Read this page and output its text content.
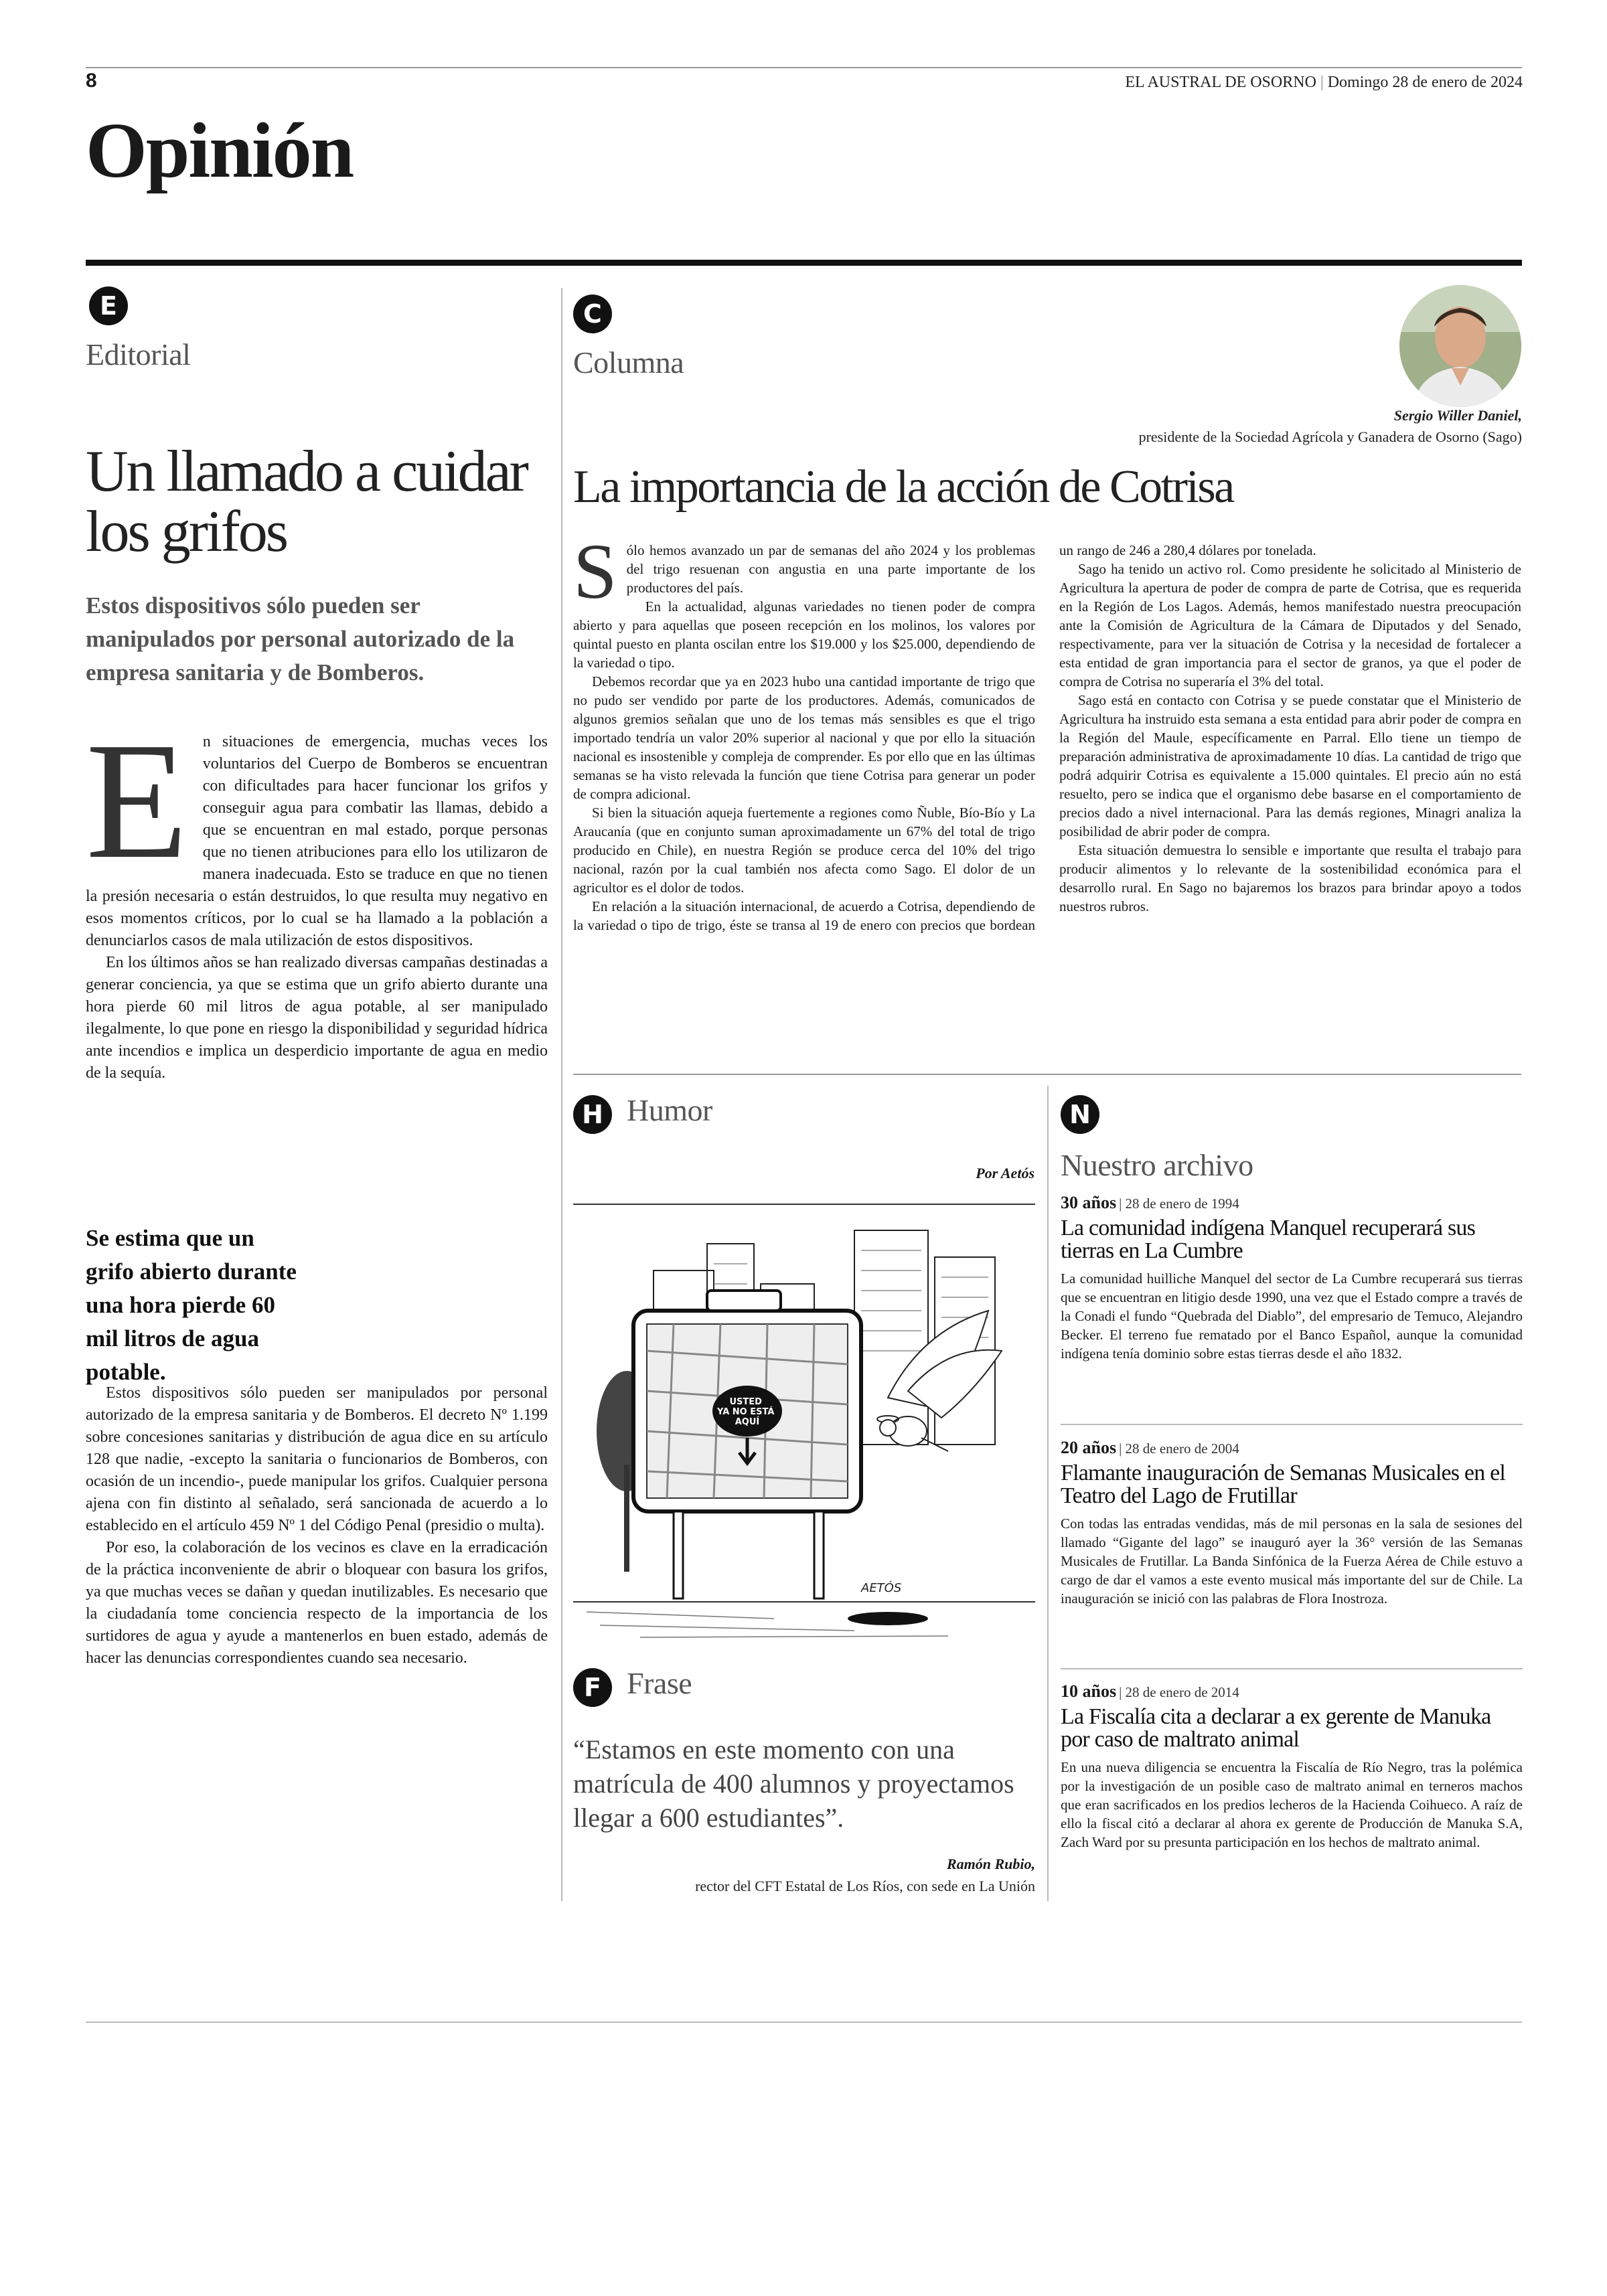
8	EL AUSTRAL DE OSORNO | Domingo 28 de enero de 2024
Opinión
E
Editorial
Un llamado a cuidar los grifos
Estos dispositivos sólo pueden ser manipulados por personal autorizado de la empresa sanitaria y de Bomberos.
E n situaciones de emergencia, muchas veces los voluntarios del Cuerpo de Bomberos se encuentran con dificultades para hacer funcionar los grifos y conseguir agua para combatir las llamas, debido a que se encuentran en mal estado, porque personas que no tienen atribuciones para ello los utilizaron de manera inadecuada. Esto se traduce en que no tienen la presión necesaria o están destruidos, lo que resulta muy negativo en esos momentos críticos, por lo cual se ha llamado a la población a denunciarlos casos de mala utilización de estos dispositivos.

En los últimos años se han realizado diversas campañas destinadas a generar conciencia, ya que se estima que un grifo abierto durante una hora pierde 60 mil litros de agua potable, al ser manipulado ilegalmente, lo que pone en riesgo la disponibilidad y seguridad hídrica ante incendios e implica un desperdicio importante de agua en medio de la sequía.

Se estima que un grifo abierto durante una hora pierde 60 mil litros de agua potable.

Estos dispositivos sólo pueden ser manipulados por personal autorizado de la empresa sanitaria y de Bomberos. El decreto Nº 1.199 sobre concesiones sanitarias y distribución de agua dice en su artículo 128 que nadie, -excepto la sanitaria o funcionarios de Bomberos, con ocasión de un incendio-, puede manipular los grifos. Cualquier persona ajena con fin distinto al señalado, será sancionada de acuerdo a lo establecido en el artículo 459 Nº 1 del Código Penal (presidio o multa).

Por eso, la colaboración de los vecinos es clave en la erradicación de la práctica inconveniente de abrir o bloquear con basura los grifos, ya que muchas veces se dañan y quedan inutilizables. Es necesario que la ciudadanía tome conciencia respecto de la importancia de los surtidores de agua y ayude a mantenerlos en buen estado, además de hacer las denuncias correspondientes cuando sea necesario.

C
Columna
Sergio Willer Daniel,
presidente de la Sociedad Agrícola y Ganadera de Osorno (Sago)
La importancia de la acción de Cotrisa
S ólo hemos avanzado un par de semanas del año 2024 y los problemas del trigo resuenan con angustia en una parte importante de los productores del país.

En la actualidad, algunas variedades no tienen poder de compra abierto y para aquellas que poseen recepción en los molinos, los valores por quintal puesto en planta oscilan entre los $19.000 y los $25.000, dependiendo de la variedad o tipo.

Debemos recordar que ya en 2023 hubo una cantidad importante de trigo que no pudo ser vendido por parte de los productores. Además, comunicados de algunos gremios señalan que uno de los temas más sensibles es que el trigo importado tendría un valor 20% superior al nacional y que por ello la situación nacional es insostenible y compleja de comprender. Es por ello que en las últimas semanas se ha visto relevada la función que tiene Cotrisa para generar un poder de compra adicional.

Si bien la situación aqueja fuertemente a regiones como Ñuble, Bío-Bío y La Araucanía (que en conjunto suman aproximadamente un 67% del total de trigo producido en Chile), en nuestra Región se produce cerca del 10% del trigo nacional, razón por la cual también nos afecta como Sago. El dolor de un agricultor es el dolor de todos.

En relación a la situación internacional, de acuerdo a Cotrisa, dependiendo de la variedad o tipo de trigo, éste se transa al 19 de enero con precios que bordean un rango de 246 a 280,4 dólares por tonelada.

Sago ha tenido un activo rol. Como presidente he solicitado al Ministerio de Agricultura la apertura de poder de compra de parte de Cotrisa, que es requerida en la Región de Los Lagos. Además, hemos manifestado nuestra preocupación ante la Comisión de Agricultura de la Cámara de Diputados y del Senado, respectivamente, para ver la situación de Cotrisa y la necesidad de fortalecer a esta entidad de gran importancia para el sector de granos, ya que el poder de compra de Cotrisa no superaría el 3% del total.

Sago está en contacto con Cotrisa y se puede constatar que el Ministerio de Agricultura ha instruido esta semana a esta entidad para abrir poder de compra en la Región del Maule, específicamente en Parral. Ello tiene un tiempo de preparación administrativa de aproximadamente 10 días. La cantidad de trigo que podrá adquirir Cotrisa es equivalente a 15.000 quintales. El precio aún no está resuelto, pero se indica que el organismo debe basarse en el comportamiento de precios dado a nivel internacional. Para las demás regiones, Minagri analiza la posibilidad de abrir poder de compra.

Esta situación demuestra lo sensible e importante que resulta el trabajo para producir alimentos y lo relevante de la sostenibilidad económica para el desarrollo rural. En Sago no bajaremos los brazos para brindar apoyo a todos nuestros rubros.

H Humor
Por Aetós
USTED YA NO ESTÁ AQUÍ
AETÓS
F Frase
“Estamos en este momento con una matrícula de 400 alumnos y proyectamos llegar a 600 estudiantes”.
Ramón Rubio,
rector del CFT Estatal de Los Ríos, con sede en La Unión
N
Nuestro archivo
30 años | 28 de enero de 1994
La comunidad indígena Manquel recuperará sus tierras en La Cumbre
La comunidad huilliche Manquel del sector de La Cumbre recuperará sus tierras que se encuentran en litigio desde 1990, una vez que el Estado compre a través de la Conadi el fundo “Quebrada del Diablo”, del empresario de Temuco, Alejandro Becker. El terreno fue rematado por el Banco Español, aunque la comunidad indígena tenía dominio sobre estas tierras desde el año 1832.
20 años | 28 de enero de 2004
Flamante inauguración de Semanas Musicales en el Teatro del Lago de Frutillar
Con todas las entradas vendidas, más de mil personas en la sala de sesiones del llamado “Gigante del lago” se inauguró ayer la 36° versión de las Semanas Musicales de Frutillar. La Banda Sinfónica de la Fuerza Aérea de Chile estuvo a cargo de dar el vamos a este evento musical más importante del sur de Chile. La inauguración se inició con las palabras de Flora Inostroza.
10 años | 28 de enero de 2014
La Fiscalía cita a declarar a ex gerente de Manuka por caso de maltrato animal
En una nueva diligencia se encuentra la Fiscalía de Río Negro, tras la polémica por la investigación de un posible caso de maltrato animal en terneros machos que eran sacrificados en los predios lecheros de la Hacienda Coihueco. A raíz de ello la fiscal citó a declarar al ahora ex gerente de Producción de Manuka S.A, Zach Ward por su presunta participación en los hechos de maltrato animal.
